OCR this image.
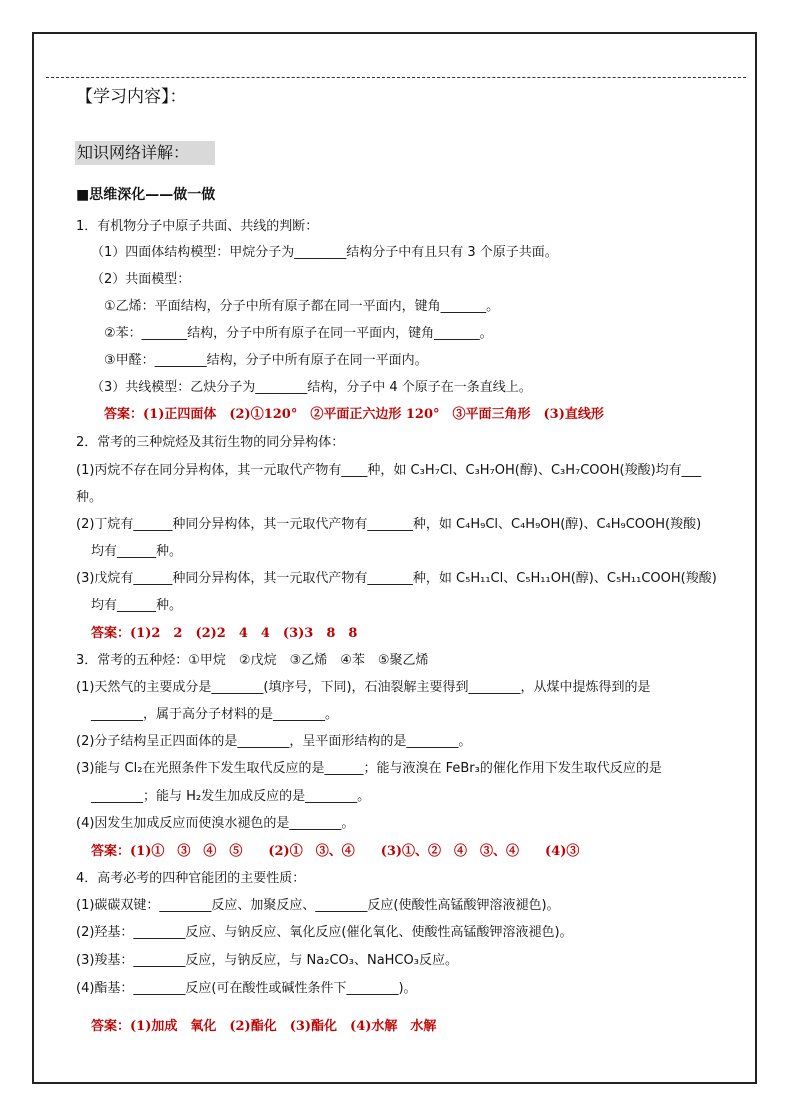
【学习内容】：
知识网络详解：
■思维深化——做一做
1．有机物分子中原子共面、共线的判断：
（1）四面体结构模型：甲烷分子为________结构分子中有且只有 3 个原子共面。
（2）共面模型：
①乙烯：平面结构，分子中所有原子都在同一平面内，键角_______。
②苯：_______结构，分子中所有原子在同一平面内，键角_______。
③甲醛：________结构，分子中所有原子在同一平面内。
（3）共线模型：乙炔分子为________结构，分子中 4 个原子在一条直线上。
答案：(1)正四面体　(2)①120°　②平面正六边形 120°　③平面三角形　(3)直线形
2．常考的三种烷烃及其衍生物的同分异构体：
(1)丙烷不存在同分异构体，其一元取代产物有____种，如 C₃H₇Cl、C₃H₇OH(醇)、C₃H₇COOH(羧酸)均有___
种。
(2)丁烷有______种同分异构体，其一元取代产物有_______种，如 C₄H₉Cl、C₄H₉OH(醇)、C₄H₉COOH(羧酸)
均有______种。
(3)戊烷有______种同分异构体，其一元取代产物有_______种，如 C₅H₁₁Cl、C₅H₁₁OH(醇)、C₅H₁₁COOH(羧酸)
均有______种。
答案：(1)2　2　(2)2　4　4　(3)3　8　8
3．常考的五种烃：①甲烷　②戊烷　③乙烯　④苯　⑤聚乙烯
(1)天然气的主要成分是________(填序号，下同)，石油裂解主要得到________，从煤中提炼得到的是
________，属于高分子材料的是________。
(2)分子结构呈正四面体的是________，呈平面形结构的是________。
(3)能与 Cl₂在光照条件下发生取代反应的是______；能与液溴在 FeBr₃的催化作用下发生取代反应的是
________；能与 H₂发生加成反应的是________。
(4)因发生加成反应而使溴水褪色的是________。
答案：(1)①　③　④　⑤　　(2)①　③、④　　(3)①、②　④　③、④　　(4)③
4．高考必考的四种官能团的主要性质：
(1)碳碳双键：________反应、加聚反应、________反应(使酸性高锰酸钾溶液褪色)。
(2)羟基：________反应、与钠反应、氧化反应(催化氧化、使酸性高锰酸钾溶液褪色)。
(3)羧基：________反应，与钠反应，与 Na₂CO₃、NaHCO₃反应。
(4)酯基：________反应(可在酸性或碱性条件下________)。
答案：(1)加成　氧化　(2)酯化　(3)酯化　(4)水解　水解
